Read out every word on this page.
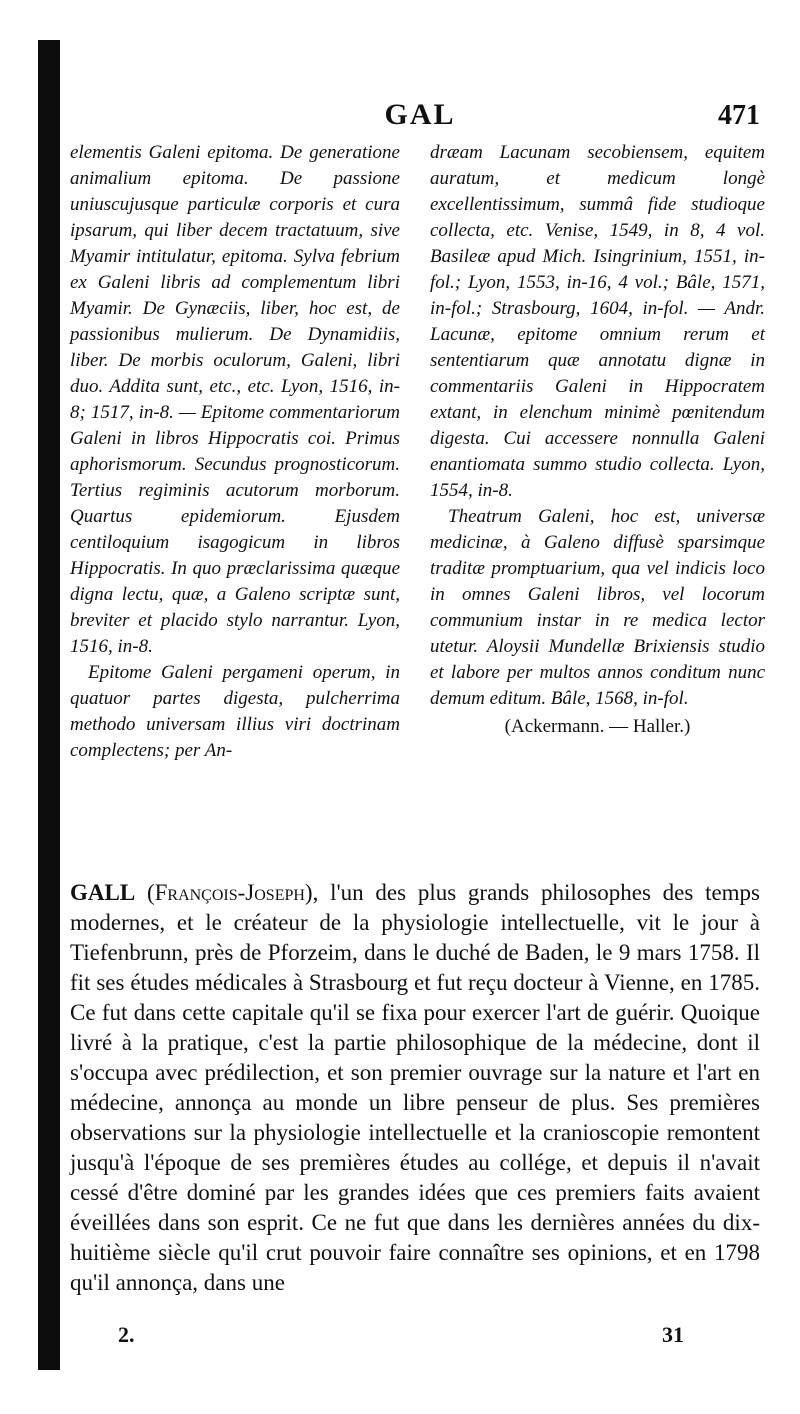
GAL	471

elementis Galeni epitoma. De generatione animalium epitoma. De passione uniuscujusque particulæ corporis et cura ipsarum, qui liber decem tractatuum, sive Myamir intitulatur, epitoma. Sylva febrium ex Galeni libris ad complementum libri Myamir. De Gynæciis, liber, hoc est, de passionibus mulierum. De Dynamidiis, liber. De morbis oculorum, Galeni, libri duo. Addita sunt, etc., etc. Lyon, 1516, in-8; 1517, in-8. — Epitome commentariorum Galeni in libros Hippocratis coi. Primus aphorismorum. Secundus prognosticorum. Tertius regiminis acutorum morborum. Quartus epidemiorum. Ejusdem centiloquium isagogicum in libros Hippocratis. In quo præclarissima quæque digna lectu, quæ, a Galeno scriptæ sunt, breviter et placido stylo narrantur. Lyon, 1516, in-8.

Epitome Galeni pergameni operum, in quatuor partes digesta, pulcherrima methodo universam illius viri doctrinam complectens; per An-

dræam Lacunam secobiensem, equitem auratum, et medicum longè excellentissimum, summâ fide studioque collecta, etc. Venise, 1549, in 8, 4 vol. Basileæ apud Mich. Isingrinium, 1551, in-fol.; Lyon, 1553, in-16, 4 vol.; Bâle, 1571, in-fol.; Strasbourg, 1604, in-fol. — Andr. Lacunæ, epitome omnium rerum et sententiarum quæ annotatu dignæ in commentariis Galeni in Hippocratem extant, in elenchum minimè pœnitendum digesta. Cui accessere nonnulla Galeni enantiomata summo studio collecta. Lyon, 1554, in-8.

Theatrum Galeni, hoc est, universæ medicinæ, à Galeno diffusè sparsimque traditæ promptuarium, qua vel indicis loco in omnes Galeni libros, vel locorum communium instar in re medica lector utetur. Aloysii Mundellæ Brixiensis studio et labore per multos annos conditum nunc demum editum. Bâle, 1568, in-fol.

(Ackermann. — Haller.)

GALL (François-Joseph), l'un des plus grands philosophes des temps modernes, et le créateur de la physiologie intellectuelle, vit le jour à Tiefenbrunn, près de Pforzeim, dans le duché de Baden, le 9 mars 1758. Il fit ses études médicales à Strasbourg et fut reçu docteur à Vienne, en 1785. Ce fut dans cette capitale qu'il se fixa pour exercer l'art de guérir. Quoique livré à la pratique, c'est la partie philosophique de la médecine, dont il s'occupa avec prédilection, et son premier ouvrage sur la nature et l'art en médecine, annonça au monde un libre penseur de plus. Ses premières observations sur la physiologie intellectuelle et la cranioscopie remontent jusqu'à l'époque de ses premières études au collége, et depuis il n'avait cessé d'être dominé par les grandes idées que ces premiers faits avaient éveillées dans son esprit. Ce ne fut que dans les dernières années du dix-huitième siècle qu'il crut pouvoir faire connaître ses opinions, et en 1798 qu'il annonça, dans une

2.	31
